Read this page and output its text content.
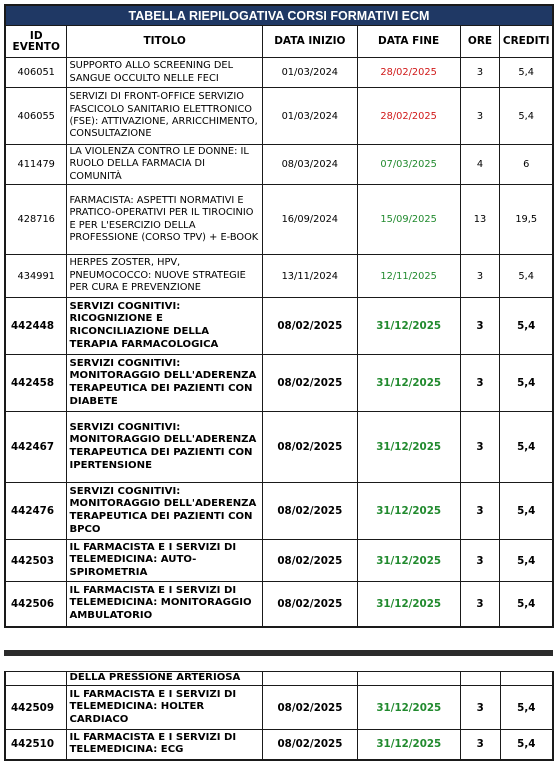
TABELLA RIEPILOGATIVA CORSI FORMATIVI ECM					
ID
EVENTO	TITOLO	DATA INIZIO	DATA FINE	ORE	CREDITI
406051	SUPPORTO ALLO SCREENING DEL SANGUE OCCULTO NELLE FECI	01/03/2024	28/02/2025	3	5,4
406055	SERVIZI DI FRONT-OFFICE SERVIZIO FASCICOLO SANITARIO ELETTRONICO (FSE): ATTIVAZIONE, ARRICCHIMENTO, CONSULTAZIONE	01/03/2024	28/02/2025	3	5,4
411479	LA VIOLENZA CONTRO LE DONNE: IL RUOLO DELLA FARMACIA DI COMUNITÀ	08/03/2024	07/03/2025	4	6
428716	FARMACISTA: ASPETTI NORMATIVI E PRATICO-OPERATIVI PER IL TIROCINIO E PER L'ESERCIZIO DELLA PROFESSIONE (CORSO TPV) + E-BOOK	16/09/2024	15/09/2025	13	19,5
434991	HERPES ZOSTER, HPV, PNEUMOCOCCO: NUOVE STRATEGIE PER CURA E PREVENZIONE	13/11/2024	12/11/2025	3	5,4
442448	SERVIZI COGNITIVI: RICOGNIZIONE E RICONCILIAZIONE DELLA TERAPIA FARMACOLOGICA	08/02/2025	31/12/2025	3	5,4
442458	SERVIZI COGNITIVI: MONITORAGGIO DELL'ADERENZA TERAPEUTICA DEI PAZIENTI CON DIABETE	08/02/2025	31/12/2025	3	5,4
442467	SERVIZI COGNITIVI: MONITORAGGIO DELL'ADERENZA TERAPEUTICA DEI PAZIENTI CON IPERTENSIONE	08/02/2025	31/12/2025	3	5,4
442476	SERVIZI COGNITIVI: MONITORAGGIO DELL'ADERENZA TERAPEUTICA DEI PAZIENTI CON BPCO	08/02/2025	31/12/2025	3	5,4
442503	IL FARMACISTA E I SERVIZI DI TELEMEDICINA: AUTO-SPIROMETRIA	08/02/2025	31/12/2025	3	5,4
442506	IL FARMACISTA E I SERVIZI DI TELEMEDICINA: MONITORAGGIO AMBULATORIO	08/02/2025	31/12/2025	3	5,4
	DELLA PRESSIONE ARTERIOSA				
442509	IL FARMACISTA E I SERVIZI DI TELEMEDICINA: HOLTER CARDIACO	08/02/2025	31/12/2025	3	5,4
442510	IL FARMACISTA E I SERVIZI DI TELEMEDICINA: ECG	08/02/2025	31/12/2025	3	5,4
